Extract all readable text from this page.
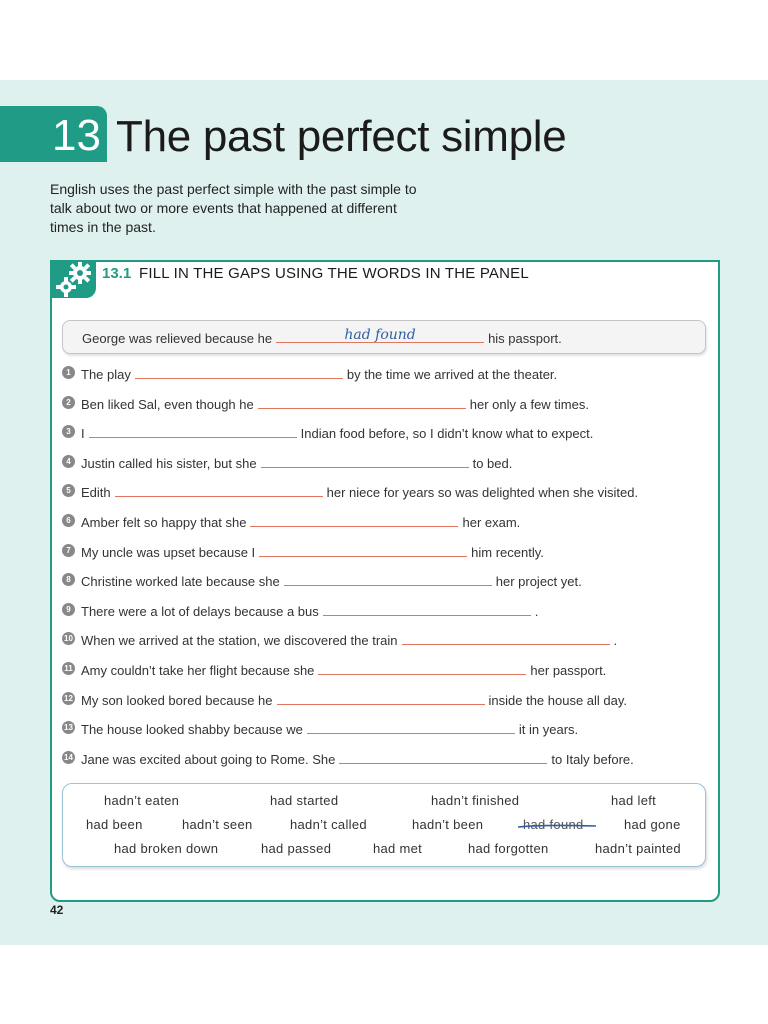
13 The past perfect simple
English uses the past perfect simple with the past simple to talk about two or more events that happened at different times in the past.
13.1 FILL IN THE GAPS USING THE WORDS IN THE PANEL
George was relieved because he	had found	his passport.
1 The play	by the time we arrived at the theater.
2 Ben liked Sal, even though he	her only a few times.
3 I	Indian food before, so I didn’t know what to expect.
4 Justin called his sister, but she	to bed.
5 Edith	her niece for years so was delighted when she visited.
6 Amber felt so happy that she	her exam.
7 My uncle was upset because I	him recently.
8 Christine worked late because she	her project yet.
9 There were a lot of delays because a bus	.
10 When we arrived at the station, we discovered the train	.
11 Amy couldn’t take her flight because she	her passport.
12 My son looked bored because he	inside the house all day.
13 The house looked shabby because we	it in years.
14 Jane was excited about going to Rome. She	to Italy before.
hadn’t eaten	had started	hadn’t finished	had left
had been	hadn’t seen	hadn’t called	hadn’t been	had found	had gone
had broken down	had passed	had met	had forgotten	hadn’t painted
42
